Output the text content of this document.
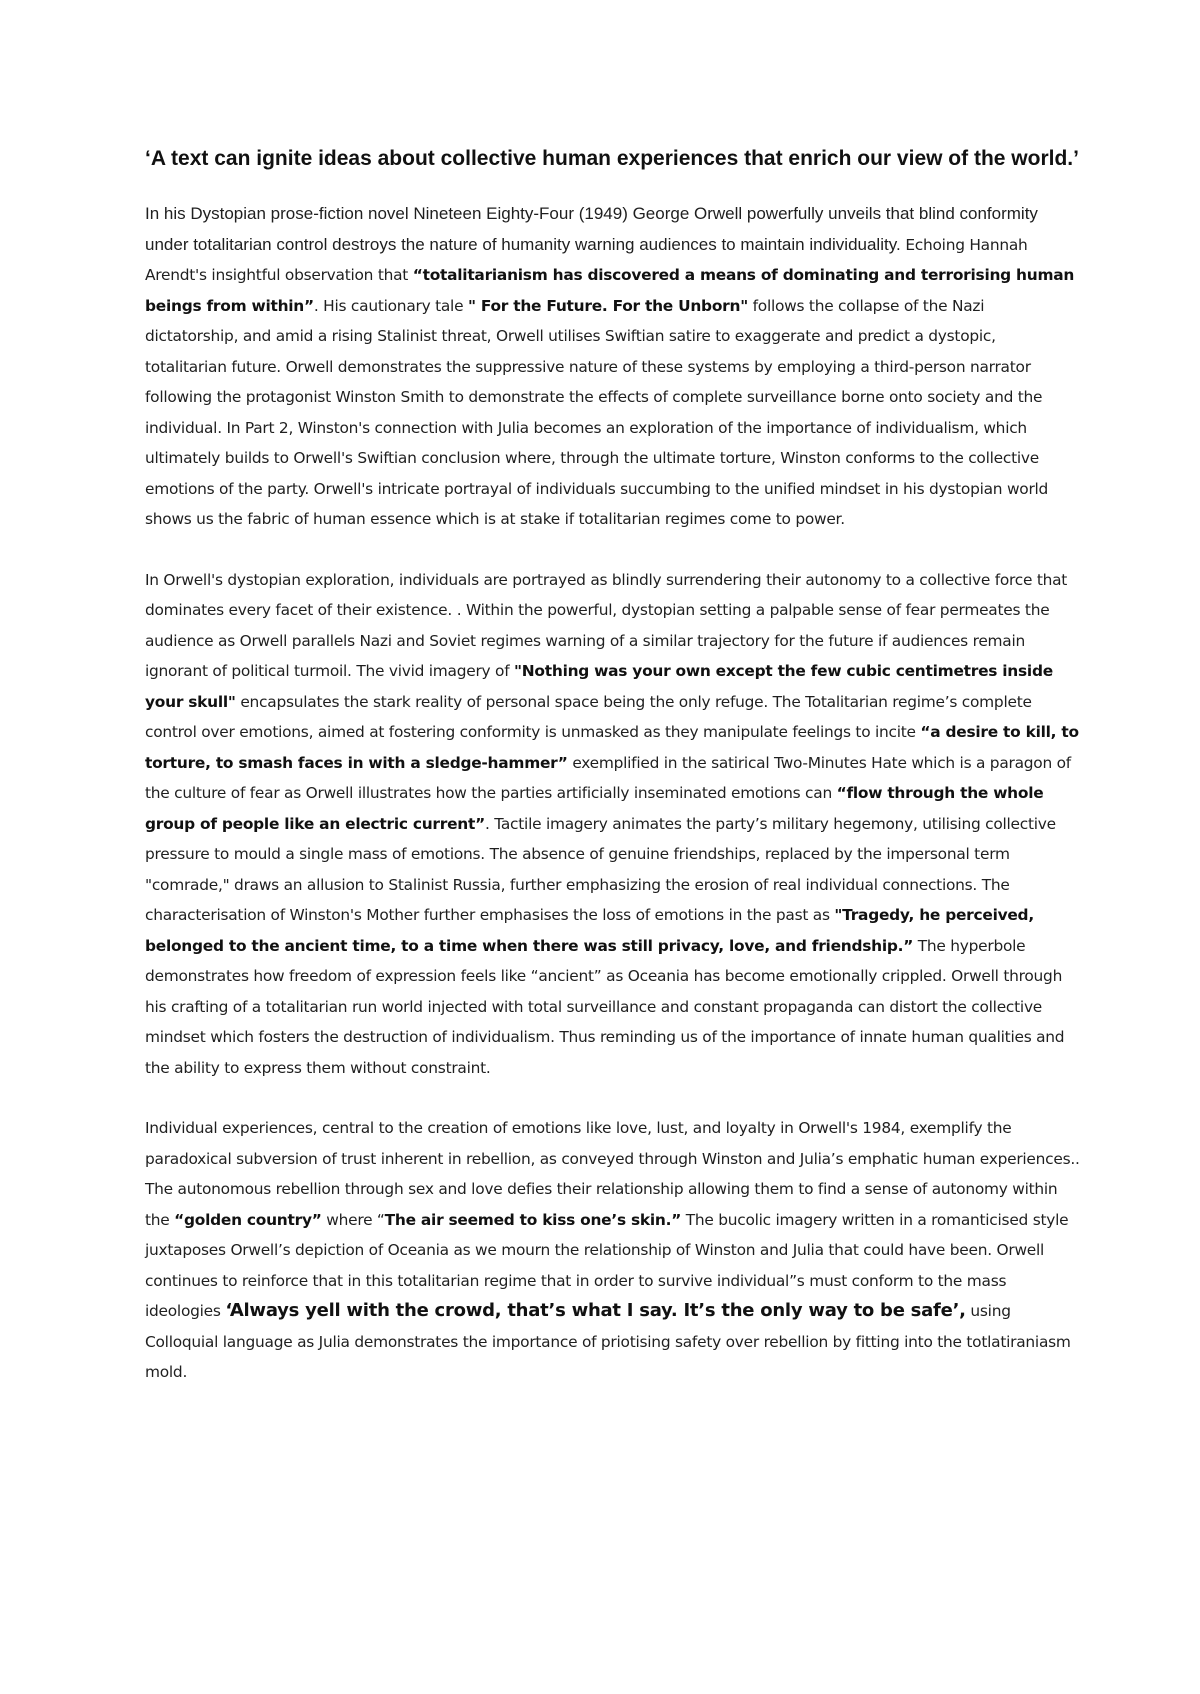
‘A text can ignite ideas about collective human experiences that enrich our view of the world.’

In his Dystopian prose-fiction novel Nineteen Eighty-Four (1949) George Orwell powerfully unveils that blind conformity under totalitarian control destroys the nature of humanity warning audiences to maintain individuality. Echoing Hannah Arendt's insightful observation that “totalitarianism has discovered a means of dominating and terrorising human beings from within”. His cautionary tale " For the Future. For the Unborn" follows the collapse of the Nazi dictatorship, and amid a rising Stalinist threat, Orwell utilises Swiftian satire to exaggerate and predict a dystopic, totalitarian future. Orwell demonstrates the suppressive nature of these systems by employing a third-person narrator following the protagonist Winston Smith to demonstrate the effects of complete surveillance borne onto society and the individual. In Part 2, Winston's connection with Julia becomes an exploration of the importance of individualism, which ultimately builds to Orwell's Swiftian conclusion where, through the ultimate torture, Winston conforms to the collective emotions of the party. Orwell's intricate portrayal of individuals succumbing to the unified mindset in his dystopian world shows us the fabric of human essence which is at stake if totalitarian regimes come to power.

In Orwell's dystopian exploration, individuals are portrayed as blindly surrendering their autonomy to a collective force that dominates every facet of their existence. . Within the powerful, dystopian setting a palpable sense of fear permeates the audience as Orwell parallels Nazi and Soviet regimes warning of a similar trajectory for the future if audiences remain ignorant of political turmoil. The vivid imagery of "Nothing was your own except the few cubic centimetres inside your skull" encapsulates the stark reality of personal space being the only refuge. The Totalitarian regime’s complete control over emotions, aimed at fostering conformity is unmasked as they manipulate feelings to incite “a desire to kill, to torture, to smash faces in with a sledge-hammer” exemplified in the satirical Two-Minutes Hate which is a paragon of the culture of fear as Orwell illustrates how the parties artificially inseminated emotions can “flow through the whole group of people like an electric current”. Tactile imagery animates the party’s military hegemony, utilising collective pressure to mould a single mass of emotions. The absence of genuine friendships, replaced by the impersonal term "comrade," draws an allusion to Stalinist Russia, further emphasizing the erosion of real individual connections. The characterisation of Winston's Mother further emphasises the loss of emotions in the past as "Tragedy, he perceived, belonged to the ancient time, to a time when there was still privacy, love, and friendship.” The hyperbole demonstrates how freedom of expression feels like “ancient” as Oceania has become emotionally crippled. Orwell through his crafting of a totalitarian run world injected with total surveillance and constant propaganda can distort the collective mindset which fosters the destruction of individualism. Thus reminding us of the importance of innate human qualities and the ability to express them without constraint.

Individual experiences, central to the creation of emotions like love, lust, and loyalty in Orwell's 1984, exemplify the paradoxical subversion of trust inherent in rebellion, as conveyed through Winston and Julia’s emphatic human experiences.. The autonomous rebellion through sex and love defies their relationship allowing them to find a sense of autonomy within the “golden country” where “The air seemed to kiss one’s skin.” The bucolic imagery written in a romanticised style juxtaposes Orwell’s depiction of Oceania as we mourn the relationship of Winston and Julia that could have been. Orwell continues to reinforce that in this totalitarian regime that in order to survive individual”s must conform to the mass ideologies ‘Always yell with the crowd, that’s what I say. It’s the only way to be safe’, using Colloquial language as Julia demonstrates the importance of priotising safety over rebellion by fitting into the totlatiraniasm mold.
